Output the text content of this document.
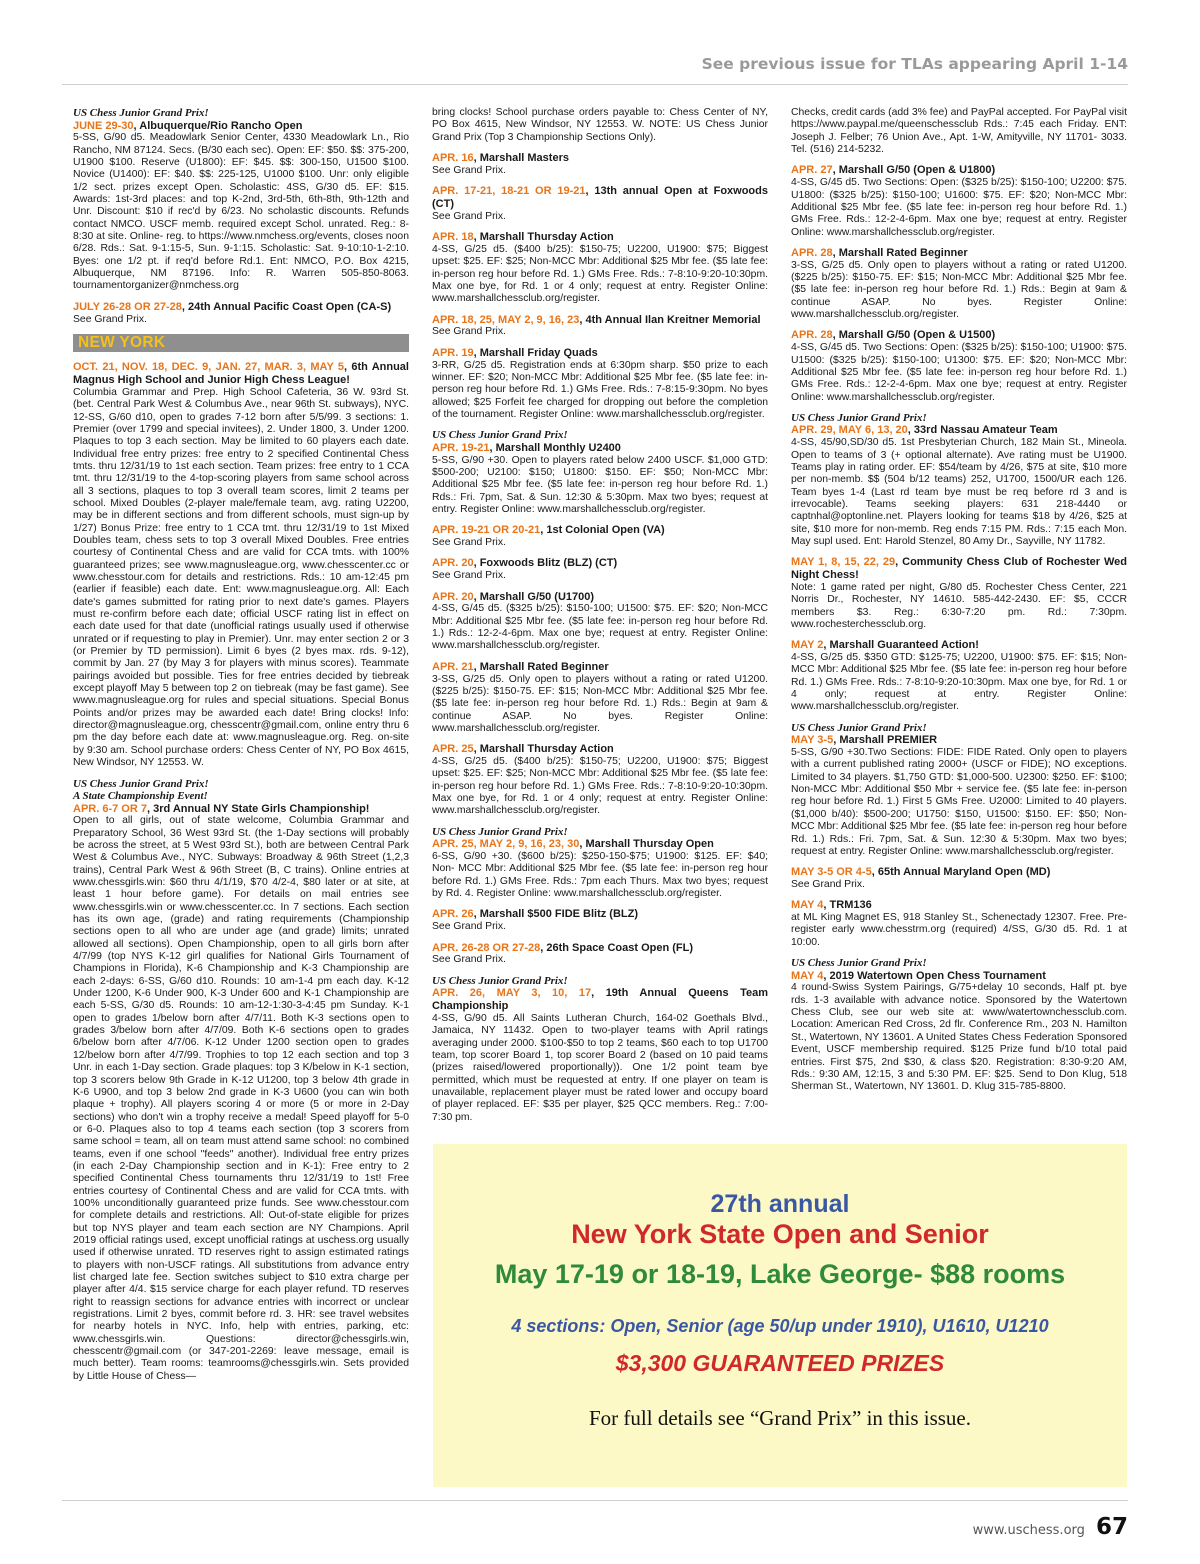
See previous issue for TLAs appearing April 1-14
US Chess Junior Grand Prix!
JUNE 29-30, Albuquerque/Rio Rancho Open

5-SS, G/90 d5. Meadowlark Senior Center, 4330 Meadowlark Ln., Rio Rancho, NM 87124. Secs. (B/30 each sec). Open: EF: $50. $$: 375-200, U1900 $100. Reserve (U1800): EF: $45. $$: 300-150, U1500 $100. Novice (U1400): EF: $40. $$: 225-125, U1000 $100. Unr: only eligible 1/2 sect. prizes except Open. Scholastic: 4SS, G/30 d5. EF: $15. Awards: 1st-3rd places: and top K-2nd, 3rd-5th, 6th-8th, 9th-12th and Unr. Discount: $10 if rec'd by 6/23. No scholastic discounts. Refunds contact NMCO. USCF memb. required except Schol. unrated. Reg.: 8-8:30 at site. Online- reg. to https://www.nmchess.org/events, closes noon 6/28. Rds.: Sat. 9-1:15-5, Sun. 9-1:15. Scholastic: Sat. 9-10:10-1-2:10. Byes: one 1/2 pt. if req'd before Rd.1. Ent: NMCO, P.O. Box 4215, Albuquerque, NM 87196. Info: R. Warren 505-850-8063. tournamentorganizer@nmchess.org

JULY 26-28 OR 27-28, 24th Annual Pacific Coast Open (CA-S)

See Grand Prix.

NEW YORK
OCT. 21, NOV. 18, DEC. 9, JAN. 27, MAR. 3, MAY 5, 6th Annual Magnus High School and Junior High Chess League!

Columbia Grammar and Prep. High School Cafeteria, 36 W. 93rd St. (bet. Central Park West & Columbus Ave., near 96th St. subways), NYC. 12-SS, G/60 d10, open to grades 7-12 born after 5/5/99. 3 sections: 1. Premier (over 1799 and special invitees), 2. Under 1800, 3. Under 1200. Plaques to top 3 each section. May be limited to 60 players each date. Individual free entry prizes: free entry to 2 specified Continental Chess tmts. thru 12/31/19 to 1st each section. Team prizes: free entry to 1 CCA tmt. thru 12/31/19 to the 4-top-scoring players from same school across all 3 sections, plaques to top 3 overall team scores, limit 2 teams per school. Mixed Doubles (2-player male/female team, avg. rating U2200, may be in different sections and from different schools, must sign-up by 1/27) Bonus Prize: free entry to 1 CCA tmt. thru 12/31/19 to 1st Mixed Doubles team, chess sets to top 3 overall Mixed Doubles. Free entries courtesy of Continental Chess and are valid for CCA tmts. with 100% guaranteed prizes; see www.magnusleague.org, www.chesscenter.cc or www.chesstour.com for details and restrictions. Rds.: 10 am-12:45 pm (earlier if feasible) each date. Ent: www.magnusleague.org. All: Each date's games submitted for rating prior to next date's games. Players must re-confirm before each date; official USCF rating list in effect on each date used for that date (unofficial ratings usually used if otherwise unrated or if requesting to play in Premier). Unr. may enter section 2 or 3 (or Premier by TD permission). Limit 6 byes (2 byes max. rds. 9-12), commit by Jan. 27 (by May 3 for players with minus scores). Teammate pairings avoided but possible. Ties for free entries decided by tiebreak except playoff May 5 between top 2 on tiebreak (may be fast game). See www.magnusleague.org for rules and special situations. Special Bonus Points and/or prizes may be awarded each date! Bring clocks! Info: director@magnusleague.org, chesscentr@gmail.com, online entry thru 6 pm the day before each date at: www.magnusleague.org. Reg. on-site by 9:30 am. School purchase orders: Chess Center of NY, PO Box 4615, New Windsor, NY 12553. W.

US Chess Junior Grand Prix!
A State Championship Event!
APR. 6-7 OR 7, 3rd Annual NY State Girls Championship!

Open to all girls, out of state welcome, Columbia Grammar and Preparatory School, 36 West 93rd St. (the 1-Day sections will probably be across the street, at 5 West 93rd St.), both are between Central Park West & Columbus Ave., NYC. Subways: Broadway & 96th Street (1,2,3 trains), Central Park West & 96th Street (B, C trains). Online entries at www.chessgirls.win: $60 thru 4/1/19, $70 4/2-4, $80 later or at site, at least 1 hour before game). For details on mail entries see www.chessgirls.win or www.chesscenter.cc. In 7 sections. Each section has its own age, (grade) and rating requirements (Championship sections open to all who are under age (and grade) limits; unrated allowed all sections). Open Championship, open to all girls born after 4/7/99 (top NYS K-12 girl qualifies for National Girls Tournament of Champions in Florida), K-6 Championship and K-3 Championship are each 2-days: 6-SS, G/60 d10. Rounds: 10 am-1-4 pm each day. K-12 Under 1200, K-6 Under 900, K-3 Under 600 and K-1 Championship are each 5-SS, G/30 d5. Rounds: 10 am-12-1:30-3-4:45 pm Sunday. K-1 open to grades 1/below born after 4/7/11. Both K-3 sections open to grades 3/below born after 4/7/09. Both K-6 sections open to grades 6/below born after 4/7/06. K-12 Under 1200 section open to grades 12/below born after 4/7/99. Trophies to top 12 each section and top 3 Unr. in each 1-Day section. Grade plaques: top 3 K/below in K-1 section, top 3 scorers below 9th Grade in K-12 U1200, top 3 below 4th grade in K-6 U900, and top 3 below 2nd grade in K-3 U600 (you can win both plaque + trophy). All players scoring 4 or more (5 or more in 2-Day sections) who don't win a trophy receive a medal! Speed playoff for 5-0 or 6-0. Plaques also to top 4 teams each section (top 3 scorers from same school = team, all on team must attend same school: no combined teams, even if one school "feeds" another). Individual free entry prizes (in each 2-Day Championship section and in K-1): Free entry to 2 specified Continental Chess tournaments thru 12/31/19 to 1st! Free entries courtesy of Continental Chess and are valid for CCA tmts. with 100% unconditionally guaranteed prize funds. See www.chesstour.com for complete details and restrictions. All: Out-of-state eligible for prizes but top NYS player and team each section are NY Champions. April 2019 official ratings used, except unofficial ratings at uschess.org usually used if otherwise unrated. TD reserves right to assign estimated ratings to players with non-USCF ratings. All substitutions from advance entry list charged late fee. Section switches subject to $10 extra charge per player after 4/4. $15 service charge for each player refund. TD reserves right to reassign sections for advance entries with incorrect or unclear registrations. Limit 2 byes, commit before rd. 3. HR: see travel websites for nearby hotels in NYC. Info, help with entries, parking, etc: www.chessgirls.win. Questions: director@chessgirls.win, chesscentr@gmail.com (or 347-201-2269: leave message, email is much better). Team rooms: teamrooms@chessgirls.win. Sets provided by Little House of Chess—

bring clocks! School purchase orders payable to: Chess Center of NY, PO Box 4615, New Windsor, NY 12553. W. NOTE: US Chess Junior Grand Prix (Top 3 Championship Sections Only).

APR. 16, Marshall Masters

See Grand Prix.

APR. 17-21, 18-21 OR 19-21, 13th annual Open at Foxwoods (CT)

See Grand Prix.

APR. 18, Marshall Thursday Action

4-SS, G/25 d5. ($400 b/25): $150-75; U2200, U1900: $75; Biggest upset: $25. EF: $25; Non-MCC Mbr: Additional $25 Mbr fee. ($5 late fee: in-person reg hour before Rd. 1.) GMs Free. Rds.: 7-8:10-9:20-10:30pm. Max one bye, for Rd. 1 or 4 only; request at entry. Register Online: www.marshallchessclub.org/register.

APR. 18, 25, MAY 2, 9, 16, 23, 4th Annual Ilan Kreitner Memorial

See Grand Prix.

APR. 19, Marshall Friday Quads

3-RR, G/25 d5. Registration ends at 6:30pm sharp. $50 prize to each winner. EF: $20; Non-MCC Mbr: Additional $25 Mbr fee. ($5 late fee: in-person reg hour before Rd. 1.) GMs Free. Rds.: 7-8:15-9:30pm. No byes allowed; $25 Forfeit fee charged for dropping out before the completion of the tournament. Register Online: www.marshallchessclub.org/register.

US Chess Junior Grand Prix!
APR. 19-21, Marshall Monthly U2400

5-SS, G/90 +30. Open to players rated below 2400 USCF. $1,000 GTD: $500-200; U2100: $150; U1800: $150. EF: $50; Non-MCC Mbr: Additional $25 Mbr fee. ($5 late fee: in-person reg hour before Rd. 1.) Rds.: Fri. 7pm, Sat. & Sun. 12:30 & 5:30pm. Max two byes; request at entry. Register Online: www.marshallchessclub.org/register.

APR. 19-21 OR 20-21, 1st Colonial Open (VA)

See Grand Prix.

APR. 20, Foxwoods Blitz (BLZ) (CT)

See Grand Prix.

APR. 20, Marshall G/50 (U1700)

4-SS, G/45 d5. ($325 b/25): $150-100; U1500: $75. EF: $20; Non-MCC Mbr: Additional $25 Mbr fee. ($5 late fee: in-person reg hour before Rd. 1.) Rds.: 12-2-4-6pm. Max one bye; request at entry. Register Online: www.marshallchessclub.org/register.

APR. 21, Marshall Rated Beginner

3-SS, G/25 d5. Only open to players without a rating or rated U1200. ($225 b/25): $150-75. EF: $15; Non-MCC Mbr: Additional $25 Mbr fee. ($5 late fee: in-person reg hour before Rd. 1.) Rds.: Begin at 9am & continue ASAP. No byes. Register Online: www.marshallchessclub.org/register.

APR. 25, Marshall Thursday Action

4-SS, G/25 d5. ($400 b/25): $150-75; U2200, U1900: $75; Biggest upset: $25. EF: $25; Non-MCC Mbr: Additional $25 Mbr fee. ($5 late fee: in-person reg hour before Rd. 1.) GMs Free. Rds.: 7-8:10-9:20-10:30pm. Max one bye, for Rd. 1 or 4 only; request at entry. Register Online: www.marshallchessclub.org/register.

US Chess Junior Grand Prix!
APR. 25, MAY 2, 9, 16, 23, 30, Marshall Thursday Open

6-SS, G/90 +30. ($600 b/25): $250-150-$75; U1900: $125. EF: $40; Non- MCC Mbr: Additional $25 Mbr fee. ($5 late fee: in-person reg hour before Rd. 1.) GMs Free. Rds.: 7pm each Thurs. Max two byes; request by Rd. 4. Register Online: www.marshallchessclub.org/register.

APR. 26, Marshall $500 FIDE Blitz (BLZ)

See Grand Prix.

APR. 26-28 OR 27-28, 26th Space Coast Open (FL)

See Grand Prix.

US Chess Junior Grand Prix!
APR. 26, MAY 3, 10, 17, 19th Annual Queens Team Championship

4-SS, G/90 d5. All Saints Lutheran Church, 164-02 Goethals Blvd., Jamaica, NY 11432. Open to two-player teams with April ratings averaging under 2000. $100-$50 to top 2 teams, $60 each to top U1700 team, top scorer Board 1, top scorer Board 2 (based on 10 paid teams (prizes raised/lowered proportionally)). One 1/2 point team bye permitted, which must be requested at entry. If one player on team is unavailable, replacement player must be rated lower and occupy board of player replaced. EF: $35 per player, $25 QCC members. Reg.: 7:00-7:30 pm.

Checks, credit cards (add 3% fee) and PayPal accepted. For PayPal visit https://www.paypal.me/queenschessclub Rds.: 7:45 each Friday. ENT: Joseph J. Felber; 76 Union Ave., Apt. 1-W, Amityville, NY 11701- 3033. Tel. (516) 214-5232.

APR. 27, Marshall G/50 (Open & U1800)

4-SS, G/45 d5. Two Sections: Open: ($325 b/25): $150-100; U2200: $75. U1800: ($325 b/25): $150-100; U1600: $75. EF: $20; Non-MCC Mbr: Additional $25 Mbr fee. ($5 late fee: in-person reg hour before Rd. 1.) GMs Free. Rds.: 12-2-4-6pm. Max one bye; request at entry. Register Online: www.marshallchessclub.org/register.

APR. 28, Marshall Rated Beginner

3-SS, G/25 d5. Only open to players without a rating or rated U1200. ($225 b/25): $150-75. EF: $15; Non-MCC Mbr: Additional $25 Mbr fee. ($5 late fee: in-person reg hour before Rd. 1.) Rds.: Begin at 9am & continue ASAP. No byes. Register Online: www.marshallchessclub.org/register.

APR. 28, Marshall G/50 (Open & U1500)

4-SS, G/45 d5. Two Sections: Open: ($325 b/25): $150-100; U1900: $75. U1500: ($325 b/25): $150-100; U1300: $75. EF: $20; Non-MCC Mbr: Additional $25 Mbr fee. ($5 late fee: in-person reg hour before Rd. 1.) GMs Free. Rds.: 12-2-4-6pm. Max one bye; request at entry. Register Online: www.marshallchessclub.org/register.

US Chess Junior Grand Prix!
APR. 29, MAY 6, 13, 20, 33rd Nassau Amateur Team

4-SS, 45/90,SD/30 d5. 1st Presbyterian Church, 182 Main St., Mineola. Open to teams of 3 (+ optional alternate). Ave rating must be U1900. Teams play in rating order. EF: $54/team by 4/26, $75 at site, $10 more per non-memb. $$ (504 b/12 teams) 252, U1700, 1500/UR each 126. Team byes 1-4 (Last rd team bye must be req before rd 3 and is irrevocable). Teams seeking players: 631 218-4440 or captnhal@optonline.net. Players looking for teams $18 by 4/26, $25 at site, $10 more for non-memb. Reg ends 7:15 PM. Rds.: 7:15 each Mon. May supl used. Ent: Harold Stenzel, 80 Amy Dr., Sayville, NY 11782.

MAY 1, 8, 15, 22, 29, Community Chess Club of Rochester Wed Night Chess!

Note: 1 game rated per night, G/80 d5. Rochester Chess Center, 221 Norris Dr., Rochester, NY 14610. 585-442-2430. EF: $5, CCCR members $3. Reg.: 6:30-7:20 pm. Rd.: 7:30pm. www.rochesterchessclub.org.

MAY 2, Marshall Guaranteed Action!

4-SS, G/25 d5. $350 GTD: $125-75; U2200, U1900: $75. EF: $15; Non-MCC Mbr: Additional $25 Mbr fee. ($5 late fee: in-person reg hour before Rd. 1.) GMs Free. Rds.: 7-8:10-9:20-10:30pm. Max one bye, for Rd. 1 or 4 only; request at entry. Register Online: www.marshallchessclub.org/register.

US Chess Junior Grand Prix!
MAY 3-5, Marshall PREMIER

5-SS, G/90 +30.Two Sections: FIDE: FIDE Rated. Only open to players with a current published rating 2000+ (USCF or FIDE); NO exceptions. Limited to 34 players. $1,750 GTD: $1,000-500. U2300: $250. EF: $100; Non-MCC Mbr: Additional $50 Mbr + service fee. ($5 late fee: in-person reg hour before Rd. 1.) First 5 GMs Free. U2000: Limited to 40 players. ($1,000 b/40): $500-200; U1750: $150, U1500: $150. EF: $50; Non-MCC Mbr: Additional $25 Mbr fee. ($5 late fee: in-person reg hour before Rd. 1.) Rds.: Fri. 7pm, Sat. & Sun. 12:30 & 5:30pm. Max two byes; request at entry. Register Online: www.marshallchessclub.org/register.

MAY 3-5 OR 4-5, 65th Annual Maryland Open (MD)

See Grand Prix.

MAY 4, TRM136

at ML King Magnet ES, 918 Stanley St., Schenectady 12307. Free. Pre-register early www.chesstrm.org (required) 4/SS, G/30 d5. Rd. 1 at 10:00.

US Chess Junior Grand Prix!
MAY 4, 2019 Watertown Open Chess Tournament

4 round-Swiss System Pairings, G/75+delay 10 seconds, Half pt. bye rds. 1-3 available with advance notice. Sponsored by the Watertown Chess Club, see our web site at: www/watertownchessclub.com. Location: American Red Cross, 2d flr. Conference Rm., 203 N. Hamilton St., Watertown, NY 13601. A United States Chess Federation Sponsored Event, USCF membership required. $125 Prize fund b/10 total paid entries. First $75, 2nd $30, & class $20. Registration: 8:30-9:20 AM, Rds.: 9:30 AM, 12:15, 3 and 5:30 PM. EF: $25. Send to Don Klug, 518 Sherman St., Watertown, NY 13601. D. Klug 315-785-8800.

27th annual
New York State Open and Senior
May 17-19 or 18-19, Lake George- $88 rooms
4 sections: Open, Senior (age 50/up under 1910), U1610, U1210
$3,300 GUARANTEED PRIZES
For full details see “Grand Prix” in this issue.
www.uschess.org 67
